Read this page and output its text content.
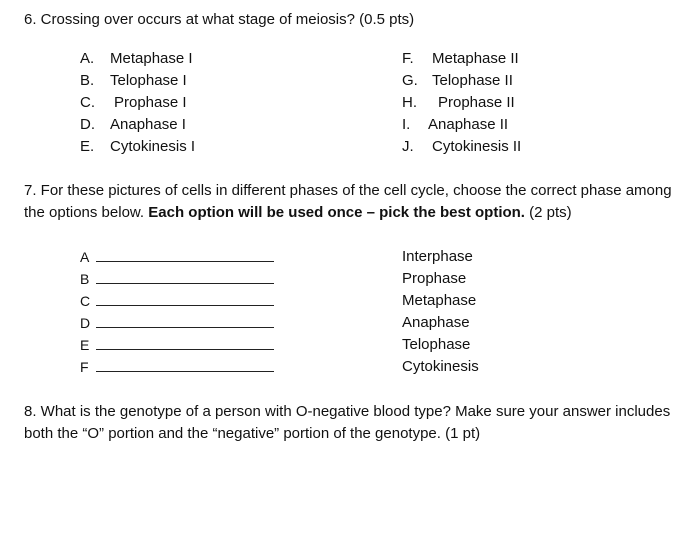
6. Crossing over occurs at what stage of meiosis? (0.5 pts)
A. Metaphase I
B. Telophase I
C. Prophase I
D. Anaphase I
E. Cytokinesis I
F. Metaphase II
G. Telophase II
H. Prophase II
I. Anaphase II
J. Cytokinesis II
7. For these pictures of cells in different phases of the cell cycle, choose the correct phase among the options below. Each option will be used once – pick the best option. (2 pts)
A
B
C
D
E
F
Interphase
Prophase
Metaphase
Anaphase
Telophase
Cytokinesis
8. What is the genotype of a person with O-negative blood type? Make sure your answer includes both the “O” portion and the “negative” portion of the genotype. (1 pt)
